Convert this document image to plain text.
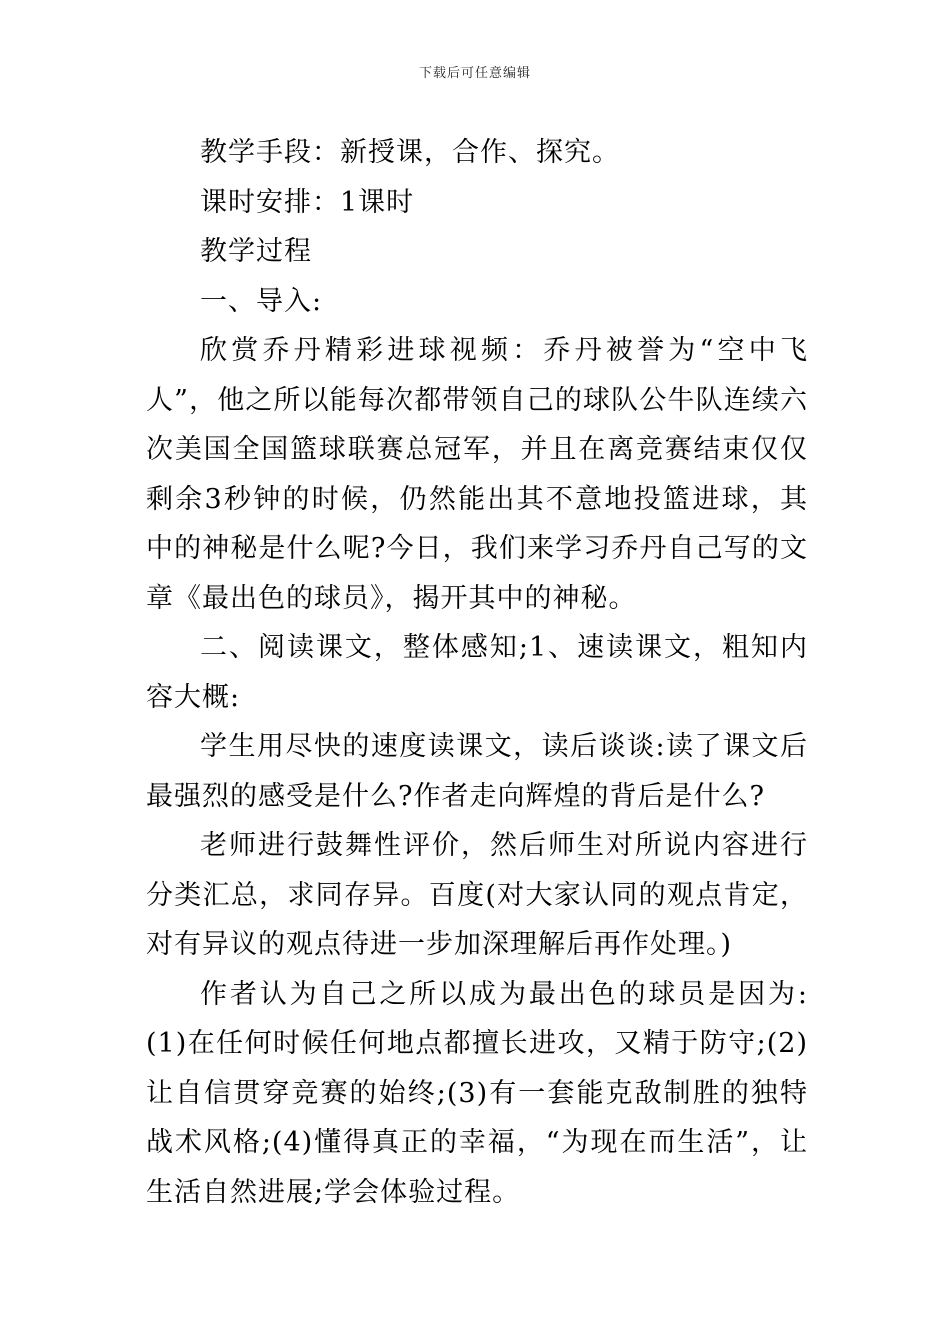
下载后可任意编辑

教学手段：新授课，合作、探究。

课时安排：1课时

教学过程

一、导入:

欣赏乔丹精彩进球视频：乔丹被誉为“空中飞人”，他之所以能每次都带领自己的球队公牛队连续六次美国全国篮球联赛总冠军，并且在离竞赛结束仅仅剩余3秒钟的时候，仍然能出其不意地投篮进球，其中的神秘是什么呢?今日，我们来学习乔丹自己写的文章《最出色的球员》，揭开其中的神秘。

二、阅读课文，整体感知;1、速读课文，粗知内容大概:

学生用尽快的速度读课文，读后谈谈:读了课文后最强烈的感受是什么?作者走向辉煌的背后是什么?

老师进行鼓舞性评价，然后师生对所说内容进行分类汇总，求同存异。百度(对大家认同的观点肯定，对有异议的观点待进一步加深理解后再作处理。)

作者认为自己之所以成为最出色的球员是因为:(1)在任何时候任何地点都擅长进攻，又精于防守;(2)让自信贯穿竞赛的始终;(3)有一套能克敌制胜的独特战术风格;(4)懂得真正的幸福，“为现在而生活”，让生活自然进展;学会体验过程。
